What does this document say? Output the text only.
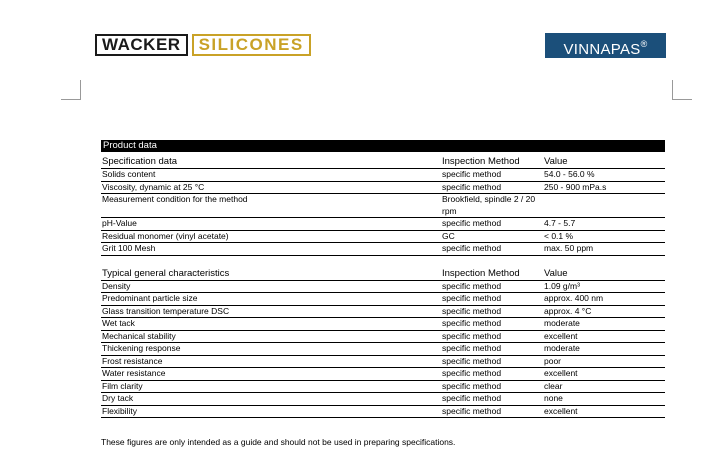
WACKER	SILICONES	VINNAPAS®
Product data
Specification data	Inspection Method	Value
Solids content	specific method	54.0 - 56.0 %
Viscosity, dynamic at 25 °C	specific method	250 - 900 mPa.s
Measurement condition for the method	Brookfield, spindle 2 / 20 rpm	
pH-Value	specific method	4.7 - 5.7
Residual monomer (vinyl acetate)	GC	< 0.1 %
Grit 100 Mesh	specific method	max. 50 ppm

Typical general characteristics	Inspection Method	Value
Density	specific method	1.09 g/m³
Predominant particle size	specific method	approx. 400 nm
Glass transition temperature DSC	specific method	approx. 4 °C
Wet tack	specific method	moderate
Mechanical stability	specific method	excellent
Thickening response	specific method	moderate
Frost resistance	specific method	poor
Water resistance	specific method	excellent
Film clarity	specific method	clear
Dry tack	specific method	none
Flexibility	specific method	excellent
These figures are only intended as a guide and should not be used in preparing specifications.
